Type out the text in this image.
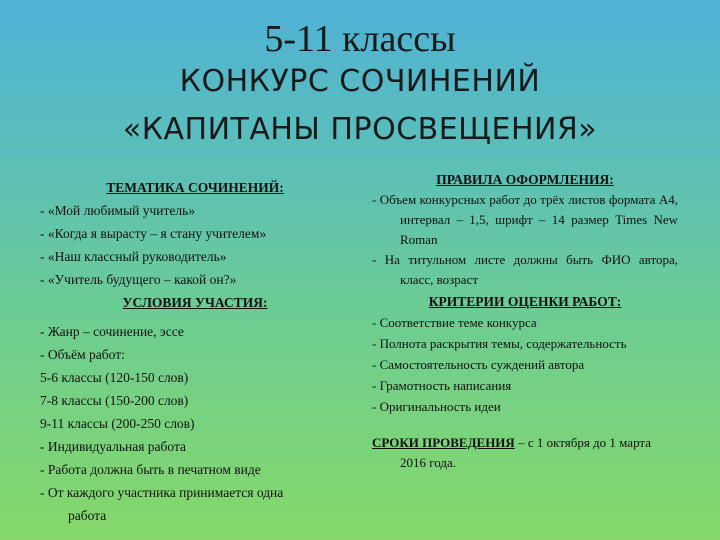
5-11 классы
КОНКУРС СОЧИНЕНИЙ
«КАПИТАНЫ ПРОСВЕЩЕНИЯ»
ТЕМАТИКА СОЧИНЕНИЙ:
- «Мой любимый учитель»
- «Когда я вырасту – я стану учителем»
- «Наш классный руководитель»
- «Учитель будущего – какой он?»
УСЛОВИЯ УЧАСТИЯ:
- Жанр – сочинение, эссе
- Объём работ:
5-6 классы (120-150 слов)
7-8 классы (150-200 слов)
9-11 классы (200-250 слов)
- Индивидуальная работа
- Работа должна быть в печатном виде
- От каждого участника принимается одна
работа
ПРАВИЛА ОФОРМЛЕНИЯ:
- Объем конкурсных работ до трёх листов формата А4, интервал – 1,5, шрифт – 14 размер Times New Roman
- На титульном листе должны быть ФИО автора, класс, возраст
КРИТЕРИИ ОЦЕНКИ РАБОТ:
- Соответствие теме конкурса
- Полнота раскрытия темы, содержательность
- Самостоятельность суждений автора
- Грамотность написания
- Оригинальность идеи
СРОКИ ПРОВЕДЕНИЯ – с 1 октября до 1 марта 2016 года.
